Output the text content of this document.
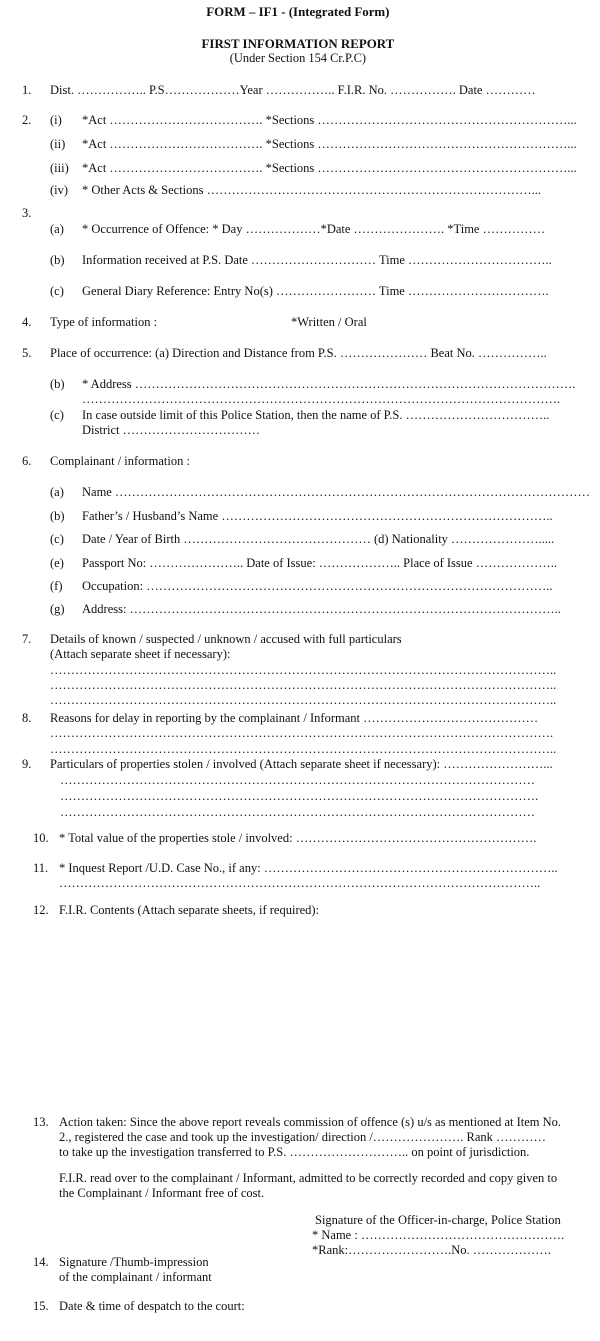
FORM – IF1 - (Integrated Form)
FIRST INFORMATION REPORT
(Under Section 154 Cr.P.C)
1. Dist. …………….. P.S………………Year …………….. F.I.R. No. ……………. Date …………
2. (i) *Act ………………………………. *Sections ……………………………………………………...
(ii) *Act ………………………………. *Sections ……………………………………………………...
(iii) *Act ………………………………. *Sections ……………………………………………………...
(iv) * Other Acts & Sections ……………………………………………………………………...
3.
(a) * Occurrence of Offence: * Day ………………*Date …………………. *Time ……………
(b) Information received at P.S. Date ………………………… Time ……………………………..
(c) General Diary Reference: Entry No(s) …………………… Time …………………………….
4. Type of information :	*Written / Oral
5. Place of occurrence: (a) Direction and Distance from P.S. ………………… Beat No. ……………..
(b) * Address …………………………………………………………………………………………….
…………………………………………………………………………………………………….
(c) In case outside limit of this Police Station, then the name of P.S. ……………………………..
District ……………………………
6. Complainant / information :
(a) Name ……………………………………………………………………………………………………
(b) Father’s / Husband’s Name ……………………………………………………………………..
(c) Date / Year of Birth ……………………………………… (d) Nationality ………………….....
(e) Passport No: ………………….. Date of Issue: ……………….. Place of Issue ………………..
(f) Occupation: ……………………………………………………………………………………..
(g) Address: …………………………………………………………………………………………..
7. Details of known / suspected / unknown / accused with full particulars
(Attach separate sheet if necessary):
…………………………………………………………………………………………………………..
…………………………………………………………………………………………………………..
…………………………………………………………………………………………………………..
8. Reasons for delay in reporting by the complainant / Informant ……………………………………
………………………………………………………………………………………………………….
…………………………………………………………………………………………………………..
9. Particulars of properties stolen / involved (Attach separate sheet if necessary): ……………………...
……………………………………………………………………………………………………
…………………………………………………………………………………………………….
……………………………………………………………………………………………………
10. * Total value of the properties stole / involved: ………………………………………………….
11. * Inquest Report /U.D. Case No., if any: ……………………………………………………………..
……………………………………………………………………………………………………..
12. F.I.R. Contents (Attach separate sheets, if required):
13. Action taken: Since the above report reveals commission of offence (s) u/s as mentioned at Item No.
2., registered the case and took up the investigation/ direction /…………………. Rank …………
to take up the investigation transferred to P.S. ……………………….. on point of jurisdiction.
F.I.R. read over to the complainant / Informant, admitted to be correctly recorded and copy given to
the Complainant / Informant free of cost.
Signature of the Officer-in-charge, Police Station
* Name : ………………………………………….
*Rank:…………………….No. ……………….
14. Signature /Thumb-impression
of the complainant / informant
15. Date & time of despatch to the court:
